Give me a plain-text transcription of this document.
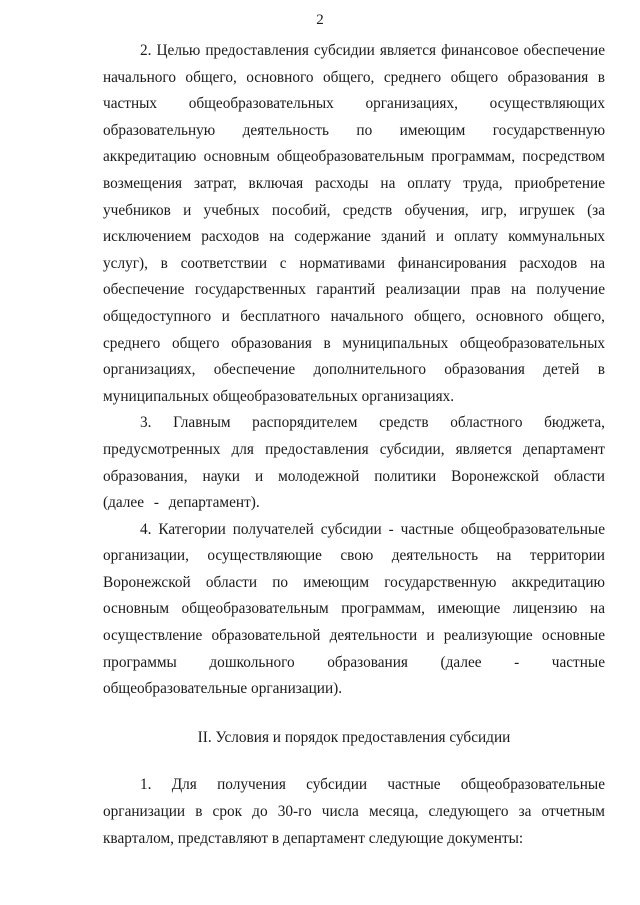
2

2. Целью предоставления субсидии является финансовое обеспечение начального общего, основного общего, среднего общего образования в частных общеобразовательных организациях, осуществляющих образовательную деятельность по имеющим государственную аккредитацию основным общеобразовательным программам, посредством возмещения затрат, включая расходы на оплату труда, приобретение учебников и учебных пособий, средств обучения, игр, игрушек (за исключением расходов на содержание зданий и оплату коммунальных услуг), в соответствии с нормативами финансирования расходов на обеспечение государственных гарантий реализации прав на получение общедоступного и бесплатного начального общего, основного общего, среднего общего образования в муниципальных общеобразовательных организациях, обеспечение дополнительного образования детей в муниципальных общеобразовательных организациях.

3. Главным распорядителем средств областного бюджета, предусмотренных для предоставления субсидии, является департамент образования, науки и молодежной политики Воронежской области (далее - департамент).

4. Категории получателей субсидии - частные общеобразовательные организации, осуществляющие свою деятельность на территории Воронежской области по имеющим государственную аккредитацию основным общеобразовательным программам, имеющие лицензию на осуществление образовательной деятельности и реализующие основные программы дошкольного образования (далее - частные общеобразовательные организации).

II. Условия и порядок предоставления субсидии

1. Для получения субсидии частные общеобразовательные организации в срок до 30-го числа месяца, следующего за отчетным кварталом, представляют в департамент следующие документы:
